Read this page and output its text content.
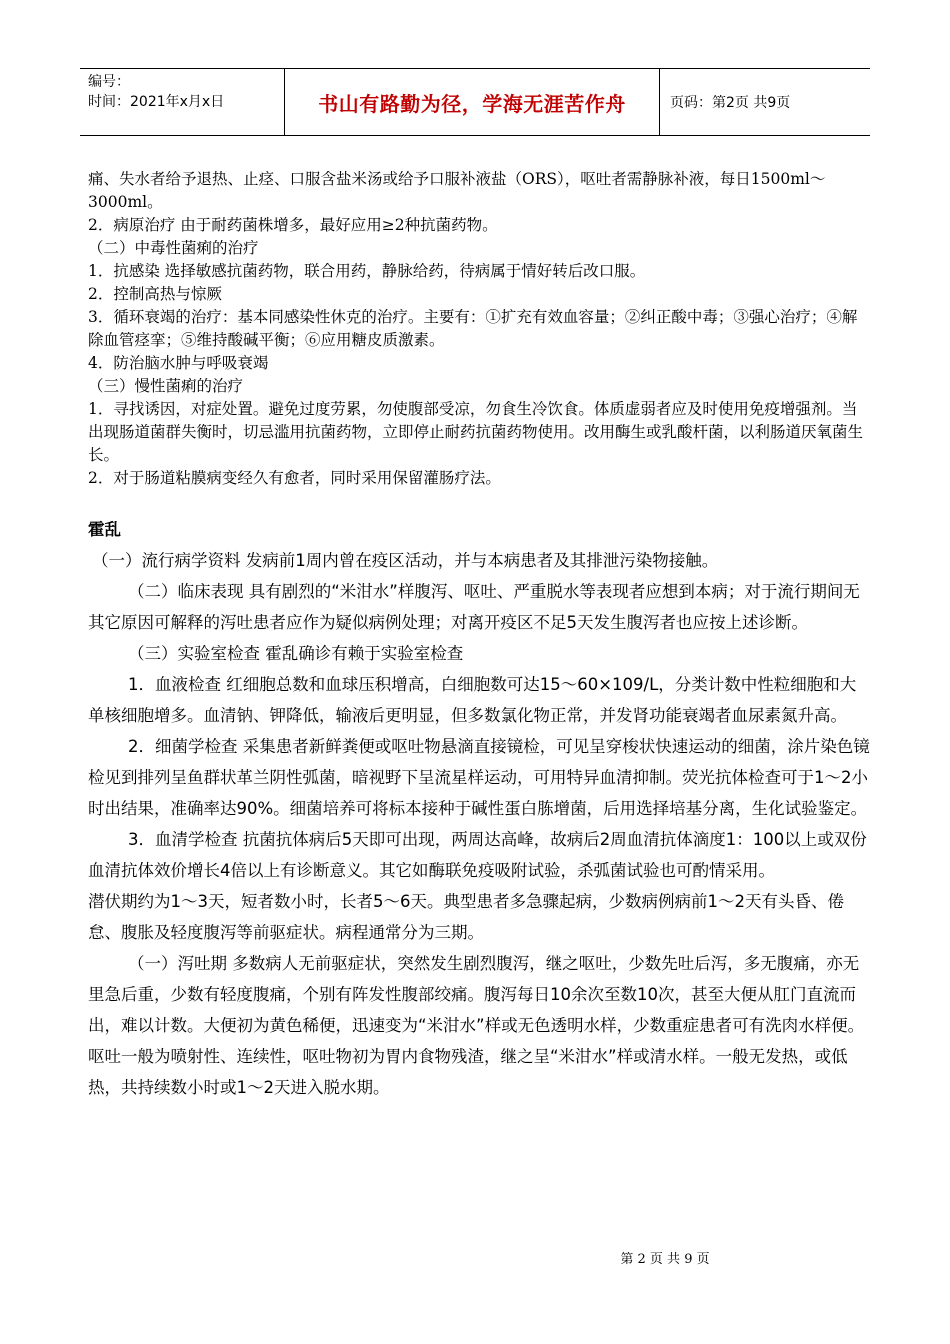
编号：
时间：2021年x月x日	书山有路勤为径，学海无涯苦作舟	页码：第2页 共9页

痛、失水者给予退热、止痉、口服含盐米汤或给予口服补液盐（ORS），呕吐者需静脉补液，每日1500ml～3000ml。

2．病原治疗 由于耐药菌株增多，最好应用≥2种抗菌药物。

（二）中毒性菌痢的治疗

1．抗感染 选择敏感抗菌药物，联合用药，静脉给药，待病属于情好转后改口服。

2．控制高热与惊厥

3．循环衰竭的治疗：基本同感染性休克的治疗。主要有：①扩充有效血容量；②纠正酸中毒；③强心治疗；④解除血管痉挛；⑤维持酸碱平衡；⑥应用糖皮质激素。

4．防治脑水肿与呼吸衰竭

（三）慢性菌痢的治疗

1．寻找诱因，对症处置。避免过度劳累，勿使腹部受凉，勿食生冷饮食。体质虚弱者应及时使用免疫增强剂。当出现肠道菌群失衡时，切忌滥用抗菌药物，立即停止耐药抗菌药物使用。改用酶生或乳酸杆菌，以利肠道厌氧菌生长。

2．对于肠道粘膜病变经久有愈者，同时采用保留灌肠疗法。

霍乱

（一）流行病学资料 发病前1周内曾在疫区活动，并与本病患者及其排泄污染物接触。

（二）临床表现 具有剧烈的“米泔水”样腹泻、呕吐、严重脱水等表现者应想到本病；对于流行期间无其它原因可解释的泻吐患者应作为疑似病例处理；对离开疫区不足5天发生腹泻者也应按上述诊断。

（三）实验室检查 霍乱确诊有赖于实验室检查

1．血液检查 红细胞总数和血球压积增高，白细胞数可达15～60×109/L，分类计数中性粒细胞和大单核细胞增多。血清钠、钾降低，输液后更明显，但多数氯化物正常，并发肾功能衰竭者血尿素氮升高。

2．细菌学检查 采集患者新鲜粪便或呕吐物悬滴直接镜检，可见呈穿梭状快速运动的细菌，涂片染色镜检见到排列呈鱼群状革兰阴性弧菌，暗视野下呈流星样运动，可用特异血清抑制。荧光抗体检查可于1～2小时出结果，准确率达90%。细菌培养可将标本接种于碱性蛋白胨增菌，后用选择培基分离，生化试验鉴定。

3．血清学检查 抗菌抗体病后5天即可出现，两周达高峰，故病后2周血清抗体滴度1：100以上或双份血清抗体效价增长4倍以上有诊断意义。其它如酶联免疫吸附试验，杀弧菌试验也可酌情采用。

潜伏期约为1～3天，短者数小时，长者5～6天。典型患者多急骤起病，少数病例病前1～2天有头昏、倦怠、腹胀及轻度腹泻等前驱症状。病程通常分为三期。

（一）泻吐期 多数病人无前驱症状，突然发生剧烈腹泻，继之呕吐，少数先吐后泻，多无腹痛，亦无里急后重，少数有轻度腹痛，个别有阵发性腹部绞痛。腹泻每日10余次至数10次，甚至大便从肛门直流而出，难以计数。大便初为黄色稀便，迅速变为“米泔水”样或无色透明水样，少数重症患者可有洗肉水样便。呕吐一般为喷射性、连续性，呕吐物初为胃内食物残渣，继之呈“米泔水”样或清水样。一般无发热，或低热，共持续数小时或1～2天进入脱水期。

第 2 页 共 9 页
